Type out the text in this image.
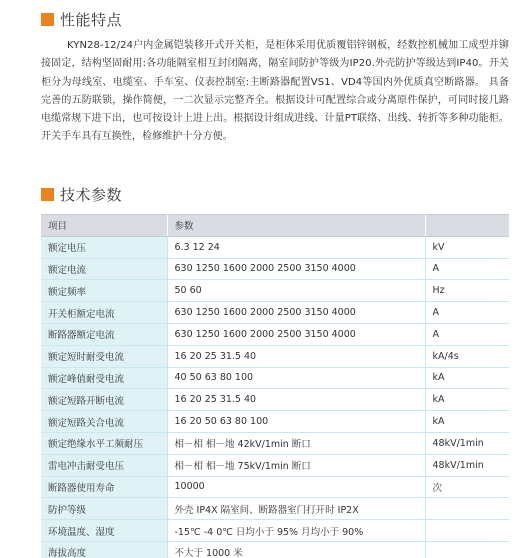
性能特点

KYN28-12/24户内金属铠装移开式开关柜，是柜体采用优质覆铝锌钢板，经数控机械加工成型并铆接固定，结构坚固耐用:各功能隔室相互封闭隔离，隔室间防护等级为IP20.外壳防护等级达到IP40。开关柜分为母线室、电缆室、手车室、仪表控制室:主断路器配置VS1、VD4等国内外优质真空断路器。 具备完善的五防联锁，操作简便，一二次显示完整齐全。根据设计可配置综合或分离原件保护，可同时接几路电缆常规下进下出，也可按设计上进上出。根据设计组成进线、计量PT联络、出线、转折等多种功能柜。开关手车具有互换性，检修维护十分方便。

技术参数
项目	参数	
额定电压	6.3 12 24	kV
额定电流	630 1250 1600 2000 2500 3150 4000	A
额定频率	50 60	Hz
开关柜额定电流	630 1250 1600 2000 2500 3150 4000	A
断路器额定电流	630 1250 1600 2000 2500 3150 4000	A
额定短时耐受电流	16 20 25 31.5 40	kA/4s
额定峰值耐受电流	40 50 63 80 100	kA
额定短路开断电流	16 20 25 31.5 40	kA
额定短路关合电流	16 20 50 63 80 100	kA
额定绝缘水平工频耐压	相－相 相－地 42kV/1min 断口	48kV/1min
雷电冲击耐受电压	相－相 相－地 75kV/1min 断口	48kV/1min
断路器使用寿命	10000	次
防护等级	外壳 IP4X 隔室间、断路器室门打开时 IP2X	
环境温度、湿度	-15℃ -4 0℃ 日均小于 95% 月均小于 90%	
海拔高度	不大于 1000 米	
